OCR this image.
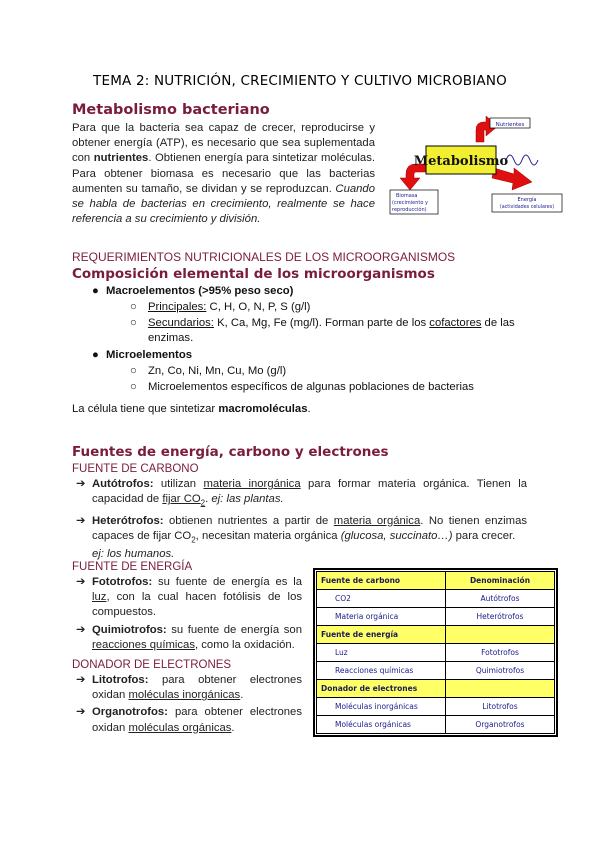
TEMA 2: NUTRICIÓN, CRECIMIENTO Y CULTIVO MICROBIANO
Metabolismo bacteriano

Para que la bacteria sea capaz de crecer, reproducirse y obtener energía (ATP), es necesario que sea suplementada con nutrientes. Obtienen energía para sintetizar moléculas. Para obtener biomasa es necesario que las bacterias aumenten su tamaño, se dividan y se reproduzcan. Cuando se habla de bacterias en crecimiento, realmente se hace referencia a su crecimiento y división.

Metabolismo
Nutrientes
Biomasa
(crecimiento y
reproducción)
Energía
(actividades celulares)
REQUERIMIENTOS NUTRICIONALES DE LOS MICROORGANISMOS
Composición elemental de los microorganismos
● Macroelementos (>95% peso seco)
○ Principales: C, H, O, N, P, S (g/l)
○ Secundarios: K, Ca, Mg, Fe (mg/l). Forman parte de los cofactores de las enzimas.
● Microelementos
○ Zn, Co, Ni, Mn, Cu, Mo (g/l)
○ Microelementos específicos de algunas poblaciones de bacterias
La célula tiene que sintetizar macromoléculas.
Fuentes de energía, carbono y electrones
FUENTE DE CARBONO

➔ Autótrofos: utilizan materia inorgánica para formar materia orgánica. Tienen la capacidad de fijar $CO_2$. ej: las plantas.

➔ Heterótrofos: obtienen nutrientes a partir de materia orgánica. No tienen enzimas capaces de fijar $CO_2$, necesitan materia orgánica (glucosa, succinato…) para crecer.
ej: los humanos.

FUENTE DE ENERGÍA

➔ Fototrofos: su fuente de energía es la luz, con la cual hacen fotólisis de los compuestos.

➔ Quimiotrofos: su fuente de energía son reacciones químicas, como la oxidación.

DONADOR DE ELECTRONES

➔ Litotrofos: para obtener electrones oxidan moléculas inorgánicas.

➔ Organotrofos: para obtener electrones oxidan moléculas orgánicas.

Fuente de carbono	Denominación
CO2	Autótrofos
Materia orgánica	Heterótrofos
Fuente de energía	
Luz	Fototrofos
Reacciones químicas	Quimiotrofos
Donador de electrones	
Moléculas inorgánicas	Litotrofos
Moléculas orgánicas	Organotrofos
